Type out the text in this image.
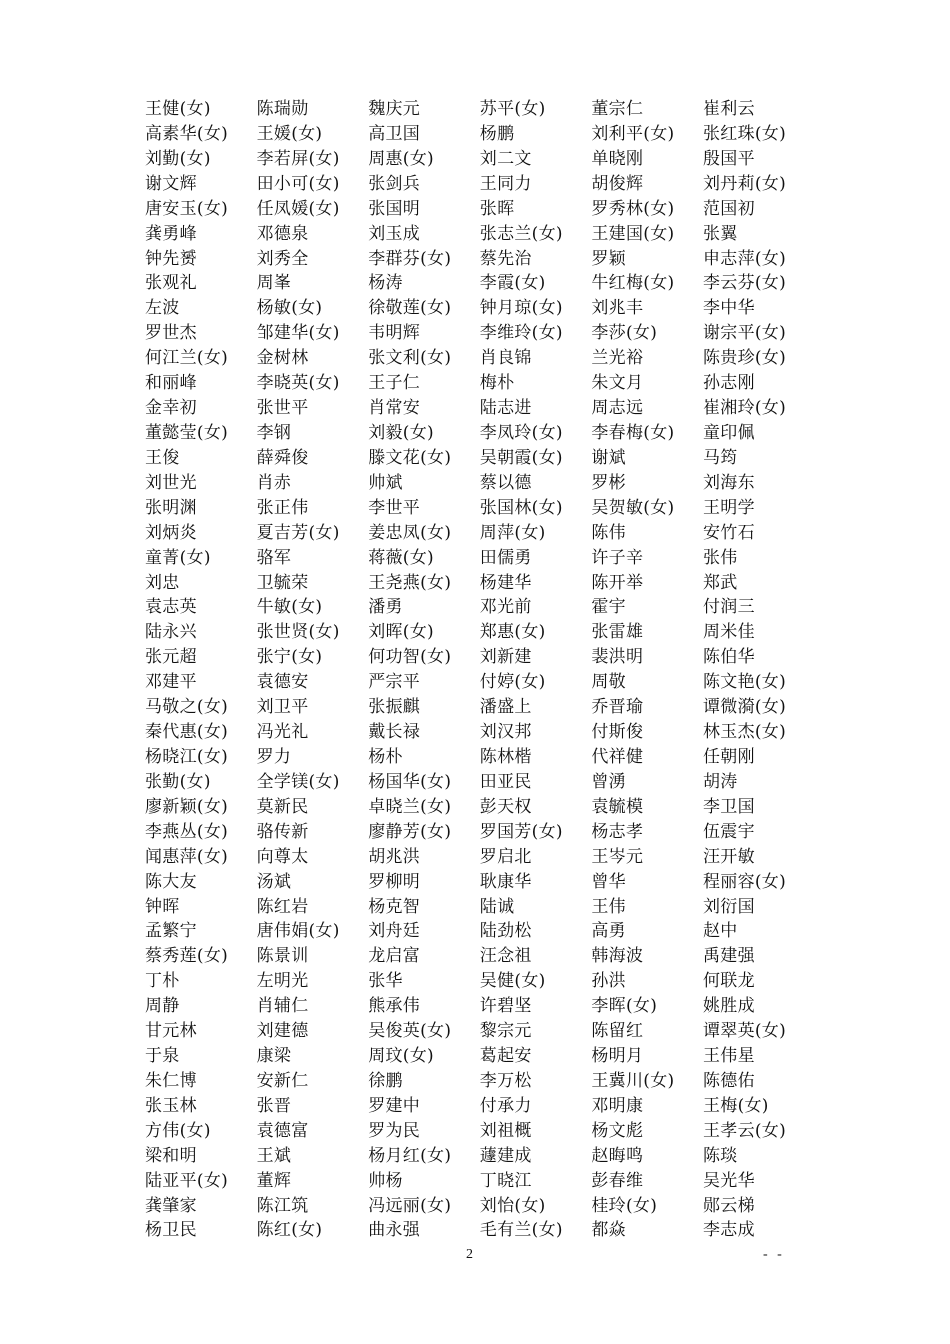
王健(女)	陈瑞勋	魏庆元	苏平(女)	董宗仁	崔利云
高素华(女)	王媛(女)	高卫国	杨鹏	刘利平(女)	张红珠(女)
刘勤(女)	李若屏(女)	周惠(女)	刘二文	单晓刚	殷国平
谢文辉	田小可(女)	张剑兵	王同力	胡俊辉	刘丹莉(女)
唐安玉(女)	任凤媛(女)	张国明	张晖	罗秀林(女)	范国初
龚勇峰	邓德泉	刘玉成	张志兰(女)	王建国(女)	张翼
钟先赟	刘秀全	李群芬(女)	蔡先治	罗颖	申志萍(女)
张观礼	周峯	杨涛	李霞(女)	牛红梅(女)	李云芬(女)
左波	杨敏(女)	徐敬莲(女)	钟月琼(女)	刘兆丰	李中华
罗世杰	邹建华(女)	韦明辉	李维玲(女)	李莎(女)	谢宗平(女)
何江兰(女)	金树林	张文利(女)	肖良锦	兰光裕	陈贵珍(女)
和丽峰	李晓英(女)	王子仁	梅朴	朱文月	孙志刚
金幸初	张世平	肖常安	陆志进	周志远	崔湘玲(女)
董懿莹(女)	李钢	刘毅(女)	李凤玲(女)	李春梅(女)	童印佩
王俊	薛舜俊	滕文花(女)	吴朝霞(女)	谢斌	马筠
刘世光	肖赤	帅斌	蔡以德	罗彬	刘海东
张明渊	张正伟	李世平	张国林(女)	吴贺敏(女)	王明学
刘炳炎	夏吉芳(女)	姜忠凤(女)	周萍(女)	陈伟	安竹石
童菁(女)	骆军	蒋薇(女)	田儒勇	许子辛	张伟
刘忠	卫毓荣	王尧燕(女)	杨建华	陈开举	郑武
袁志英	牛敏(女)	潘勇	邓光前	霍宇	付润三
陆永兴	张世贤(女)	刘晖(女)	郑惠(女)	张雷雄	周米佳
张元超	张宁(女)	何功智(女)	刘新建	裴洪明	陈伯华
邓建平	袁德安	严宗平	付婷(女)	周敬	陈文艳(女)
马敬之(女)	刘卫平	张振麒	潘盛上	乔晋瑜	谭微漪(女)
秦代惠(女)	冯光礼	戴长禄	刘汉邦	付斯俊	林玉杰(女)
杨晓江(女)	罗力	杨朴	陈林楷	代祥健	任朝刚
张勤(女)	全学镁(女)	杨国华(女)	田亚民	曾湧	胡涛
廖新颖(女)	莫新民	卓晓兰(女)	彭天权	袁毓模	李卫国
李燕丛(女)	骆传新	廖静芳(女)	罗国芳(女)	杨志孝	伍震宇
闻惠萍(女)	向尊太	胡兆洪	罗启北	王岑元	汪开敏
陈大友	汤斌	罗柳明	耿康华	曾华	程丽容(女)
钟晖	陈红岩	杨克智	陆诚	王伟	刘衍国
孟繁宁	唐伟娟(女)	刘舟廷	陆劲松	高勇	赵中
蔡秀莲(女)	陈景训	龙启富	汪念祖	韩海波	禹建强
丁朴	左明光	张华	吴健(女)	孙洪	何联龙
周静	肖辅仁	熊承伟	许碧坚	李晖(女)	姚胜成
甘元林	刘建德	吴俊英(女)	黎宗元	陈留红	谭翠英(女)
于泉	康梁	周玟(女)	葛起安	杨明月	王伟星
朱仁博	安新仁	徐鹏	李万松	王冀川(女)	陈德佑
张玉林	张晋	罗建中	付承力	邓明康	王梅(女)
方伟(女)	袁德富	罗为民	刘祖概	杨文彪	王孝云(女)
梁和明	王斌	杨月红(女)	蘧建成	赵晦鸣	陈琰
陆亚平(女)	董辉	帅杨	丁晓江	彭春维	吴光华
龚肇家	陈江筑	冯远丽(女)	刘怡(女)	桂玲(女)	郧云梯
杨卫民	陈红(女)	曲永强	毛有兰(女)	都焱	李志成
2	- -
